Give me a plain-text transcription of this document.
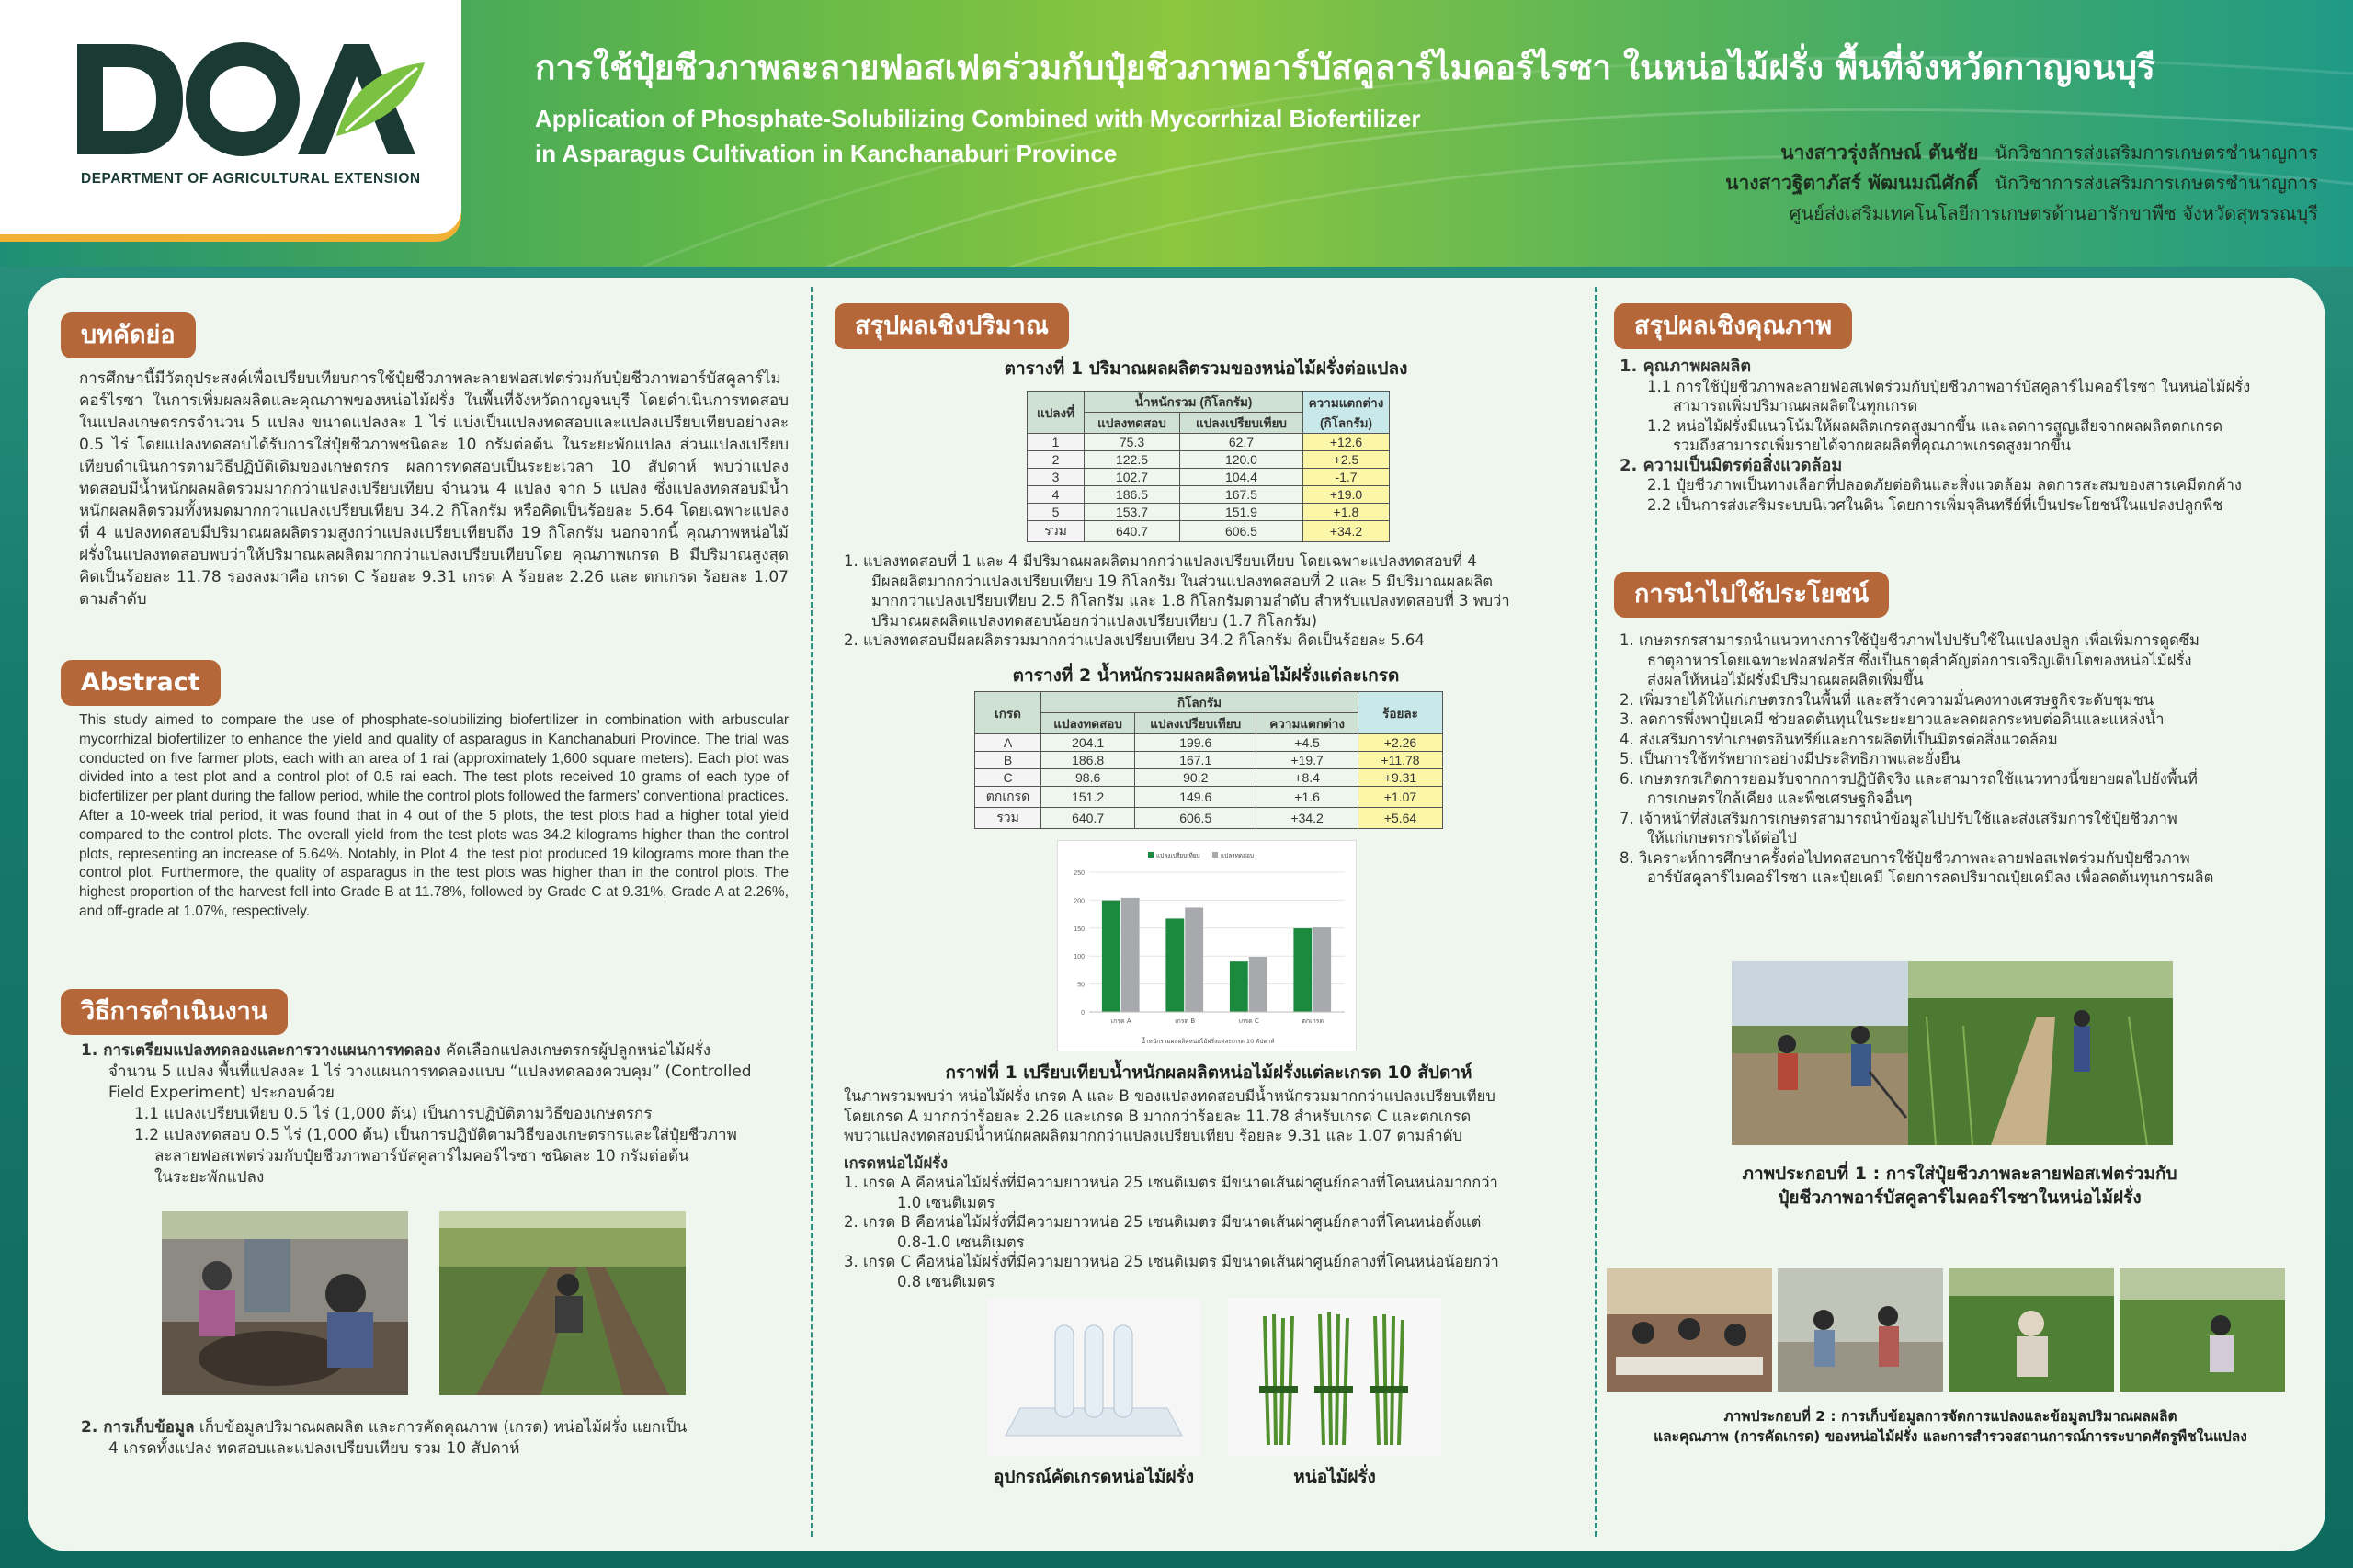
DEPARTMENT OF AGRICULTURAL EXTENSION
การใช้ปุ๋ยชีวภาพละลายฟอสเฟตร่วมกับปุ๋ยชีวภาพอาร์บัสคูลาร์ไมคอร์ไรซา ในหน่อไม้ฝรั่ง พื้นที่จังหวัดกาญจนบุรี
Application of Phosphate-Solubilizing Combined with Mycorrhizal Biofertilizer
in Asparagus Cultivation in Kanchanaburi Province	นางสาวรุ่งลักษณ์ ตันชัย นักวิชาการส่งเสริมการเกษตรชำนาญการ
นางสาวฐิตาภัสร์ พัฒนมณีศักดิ์ นักวิชาการส่งเสริมการเกษตรชำนาญการ
ศูนย์ส่งเสริมเทคโนโลยีการเกษตรด้านอารักขาพืช จังหวัดสุพรรณบุรี
บทคัดย่อ
การศึกษานี้มีวัตถุประสงค์เพื่อเปรียบเทียบการใช้ปุ๋ยชีวภาพละลายฟอสเฟตร่วมกับปุ๋ยชีวภาพอาร์บัสคูลาร์ไมคอร์ไรซา ในการเพิ่มผลผลิตและคุณภาพของหน่อไม้ฝรั่ง ในพื้นที่จังหวัดกาญจนบุรี โดยดำเนินการทดสอบในแปลงเกษตรกรจำนวน 5 แปลง ขนาดแปลงละ 1 ไร่ แบ่งเป็นแปลงทดสอบและแปลงเปรียบเทียบอย่างละ 0.5 ไร่ โดยแปลงทดสอบได้รับการใส่ปุ๋ยชีวภาพชนิดละ 10 กรัมต่อต้น ในระยะพักแปลง ส่วนแปลงเปรียบเทียบดำเนินการตามวิธีปฏิบัติเดิมของเกษตรกร ผลการทดสอบเป็นระยะเวลา 10 สัปดาห์ พบว่าแปลงทดสอบมีน้ำหนักผลผลิตรวมมากกว่าแปลงเปรียบเทียบ จำนวน 4 แปลง จาก 5 แปลง ซึ่งแปลงทดสอบมีน้ำหนักผลผลิตรวมทั้งหมดมากกว่าแปลงเปรียบเทียบ 34.2 กิโลกรัม หรือคิดเป็นร้อยละ 5.64 โดยเฉพาะแปลงที่ 4 แปลงทดสอบมีปริมาณผลผลิตรวมสูงกว่าแปลงเปรียบเทียบถึง 19 กิโลกรัม นอกจากนี้ คุณภาพหน่อไม้ฝรั่งในแปลงทดสอบพบว่าให้ปริมาณผลผลิตมากกว่าแปลงเปรียบเทียบโดย คุณภาพเกรด B มีปริมาณสูงสุด คิดเป็นร้อยละ 11.78 รองลงมาคือ เกรด C ร้อยละ 9.31 เกรด A ร้อยละ 2.26 และ ตกเกรด ร้อยละ 1.07 ตามลำดับ
Abstract
This study aimed to compare the use of phosphate-solubilizing biofertilizer in combination with arbuscular mycorrhizal biofertilizer to enhance the yield and quality of asparagus in Kanchanaburi Province. The trial was conducted on five farmer plots, each with an area of 1 rai (approximately 1,600 square meters). Each plot was divided into a test plot and a control plot of 0.5 rai each. The test plots received 10 grams of each type of biofertilizer per plant during the fallow period, while the control plots followed the farmers' conventional practices. After a 10-week trial period, it was found that in 4 out of the 5 plots, the test plots had a higher total yield compared to the control plots. The overall yield from the test plots was 34.2 kilograms higher than the control plots, representing an increase of 5.64%. Notably, in Plot 4, the test plot produced 19 kilograms more than the control plot. Furthermore, the quality of asparagus in the test plots was higher than in the control plots. The highest proportion of the harvest fell into Grade B at 11.78%, followed by Grade C at 9.31%, Grade A at 2.26%, and off-grade at 1.07%, respectively.
วิธีการดำเนินงาน
1. การเตรียมแปลงทดลองและการวางแผนการทดลอง คัดเลือกแปลงเกษตรกรผู้ปลูกหน่อไม้ฝรั่ง
จำนวน 5 แปลง พื้นที่แปลงละ 1 ไร่ วางแผนการทดลองแบบ “แปลงทดลองควบคุม” (Controlled
Field Experiment) ประกอบด้วย
1.1 แปลงเปรียบเทียบ 0.5 ไร่ (1,000 ต้น) เป็นการปฏิบัติตามวิธีของเกษตรกร
1.2 แปลงทดสอบ 0.5 ไร่ (1,000 ต้น) เป็นการปฏิบัติตามวิธีของเกษตรกรและใส่ปุ๋ยชีวภาพ
ละลายฟอสเฟตร่วมกับปุ๋ยชีวภาพอาร์บัสคูลาร์ไมคอร์ไรซา ชนิดละ 10 กรัมต่อต้น
ในระยะพักแปลง
2. การเก็บข้อมูล เก็บข้อมูลปริมาณผลผลิต และการคัดคุณภาพ (เกรด) หน่อไม้ฝรั่ง แยกเป็น
4 เกรดทั้งแปลง ทดสอบและแปลงเปรียบเทียบ รวม 10 สัปดาห์
สรุปผลเชิงปริมาณ
ตารางที่ 1 ปริมาณผลผลิตรวมของหน่อไม้ฝรั่งต่อแปลง
แปลงที่	น้ำหนักรวม (กิโลกรัม)		ความแตกต่าง (กิโลกรัม)
	แปลงทดสอบ	แปลงเปรียบเทียบ	
1	75.3	62.7	+12.6
2	122.5	120.0	+2.5
3	102.7	104.4	-1.7
4	186.5	167.5	+19.0
5	153.7	151.9	+1.8
รวม	640.7	606.5	+34.2
1. แปลงทดสอบที่ 1 และ 4 มีปริมาณผลผลิตมากกว่าแปลงเปรียบเทียบ โดยเฉพาะแปลงทดสอบที่ 4
มีผลผลิตมากกว่าแปลงเปรียบเทียบ 19 กิโลกรัม ในส่วนแปลงทดสอบที่ 2 และ 5 มีปริมาณผลผลิต
มากกว่าแปลงเปรียบเทียบ 2.5 กิโลกรัม และ 1.8 กิโลกรัมตามลำดับ สำหรับแปลงทดสอบที่ 3 พบว่า
ปริมาณผลผลิตแปลงทดสอบน้อยกว่าแปลงเปรียบเทียบ (1.7 กิโลกรัม)
2. แปลงทดสอบมีผลผลิตรวมมากกว่าแปลงเปรียบเทียบ 34.2 กิโลกรัม คิดเป็นร้อยละ 5.64
ตารางที่ 2 น้ำหนักรวมผลผลิตหน่อไม้ฝรั่งแต่ละเกรด
เกรด	กิโลกรัม			ร้อยละ
	แปลงทดสอบ	แปลงเปรียบเทียบ	ความแตกต่าง	
A	204.1	199.6	+4.5	+2.26
B	186.8	167.1	+19.7	+11.78
C	98.6	90.2	+8.4	+9.31
ตกเกรด	151.2	149.6	+1.6	+1.07
รวม	640.7	606.5	+34.2	+5.64
0
50
100
150
200
250
เกรด A	เกรด B	เกรด C	ตกเกรด
แปลงเปรียบเทียบ	แปลงทดสอบ
น้ำหนักรวมผลผลิตหน่อไม้ฝรั่งแต่ละเกรด 10 สัปดาห์
กราฟที่ 1 เปรียบเทียบน้ำหนักผลผลิตหน่อไม้ฝรั่งแต่ละเกรด 10 สัปดาห์
ในภาพรวมพบว่า หน่อไม้ฝรั่ง เกรด A และ B ของแปลงทดสอบมีน้ำหนักรวมมากกว่าแปลงเปรียบเทียบ
โดยเกรด A มากกว่าร้อยละ 2.26 และเกรด B มากกว่าร้อยละ 11.78 สำหรับเกรด C และตกเกรด
พบว่าแปลงทดสอบมีน้ำหนักผลผลิตมากกว่าแปลงเปรียบเทียบ ร้อยละ 9.31 และ 1.07 ตามลำดับ
เกรดหน่อไม้ฝรั่ง
1. เกรด A คือหน่อไม้ฝรั่งที่มีความยาวหน่อ 25 เซนติเมตร มีขนาดเส้นผ่าศูนย์กลางที่โคนหน่อมากกว่า
1.0 เซนติเมตร
2. เกรด B คือหน่อไม้ฝรั่งที่มีความยาวหน่อ 25 เซนติเมตร มีขนาดเส้นผ่าศูนย์กลางที่โคนหน่อตั้งแต่
0.8-1.0 เซนติเมตร
3. เกรด C คือหน่อไม้ฝรั่งที่มีความยาวหน่อ 25 เซนติเมตร มีขนาดเส้นผ่าศูนย์กลางที่โคนหน่อน้อยกว่า
0.8 เซนติเมตร
อุปกรณ์คัดเกรดหน่อไม้ฝรั่ง	หน่อไม้ฝรั่ง
สรุปผลเชิงคุณภาพ
1. คุณภาพผลผลิต
1.1 การใช้ปุ๋ยชีวภาพละลายฟอสเฟตร่วมกับปุ๋ยชีวภาพอาร์บัสคูลาร์ไมคอร์ไรซา ในหน่อไม้ฝรั่ง
สามารถเพิ่มปริมาณผลผลิตในทุกเกรด
1.2 หน่อไม้ฝรั่งมีแนวโน้มให้ผลผลิตเกรดสูงมากขึ้น และลดการสูญเสียจากผลผลิตตกเกรด
รวมถึงสามารถเพิ่มรายได้จากผลผลิตที่คุณภาพเกรดสูงมากขึ้น
2. ความเป็นมิตรต่อสิ่งแวดล้อม
2.1 ปุ๋ยชีวภาพเป็นทางเลือกที่ปลอดภัยต่อดินและสิ่งแวดล้อม ลดการสะสมของสารเคมีตกค้าง
2.2 เป็นการส่งเสริมระบบนิเวศในดิน โดยการเพิ่มจุลินทรีย์ที่เป็นประโยชน์ในแปลงปลูกพืช
การนำไปใช้ประโยชน์
1. เกษตรกรสามารถนำแนวทางการใช้ปุ๋ยชีวภาพไปปรับใช้ในแปลงปลูก เพื่อเพิ่มการดูดซึม
ธาตุอาหารโดยเฉพาะฟอสฟอรัส ซึ่งเป็นธาตุสำคัญต่อการเจริญเติบโตของหน่อไม้ฝรั่ง
ส่งผลให้หน่อไม้ฝรั่งมีปริมาณผลผลิตเพิ่มขึ้น
2. เพิ่มรายได้ให้แก่เกษตรกรในพื้นที่ และสร้างความมั่นคงทางเศรษฐกิจระดับชุมชน
3. ลดการพึ่งพาปุ๋ยเคมี ช่วยลดต้นทุนในระยะยาวและลดผลกระทบต่อดินและแหล่งน้ำ
4. ส่งเสริมการทำเกษตรอินทรีย์และการผลิตที่เป็นมิตรต่อสิ่งแวดล้อม
5. เป็นการใช้ทรัพยากรอย่างมีประสิทธิภาพและยั่งยืน
6. เกษตรกรเกิดการยอมรับจากการปฏิบัติจริง และสามารถใช้แนวทางนี้ขยายผลไปยังพื้นที่
การเกษตรใกล้เคียง และพืชเศรษฐกิจอื่นๆ
7. เจ้าหน้าที่ส่งเสริมการเกษตรสามารถนำข้อมูลไปปรับใช้และส่งเสริมการใช้ปุ๋ยชีวภาพ
ให้แก่เกษตรกรได้ต่อไป
8. วิเคราะห์การศึกษาครั้งต่อไปทดสอบการใช้ปุ๋ยชีวภาพละลายฟอสเฟตร่วมกับปุ๋ยชีวภาพ
อาร์บัสคูลาร์ไมคอร์ไรซา และปุ๋ยเคมี โดยการลดปริมาณปุ๋ยเคมีลง เพื่อลดต้นทุนการผลิต
ภาพประกอบที่ 1 : การใส่ปุ๋ยชีวภาพละลายฟอสเฟตร่วมกับ
ปุ๋ยชีวภาพอาร์บัสคูลาร์ไมคอร์ไรซาในหน่อไม้ฝรั่ง
ภาพประกอบที่ 2 : การเก็บข้อมูลการจัดการแปลงและข้อมูลปริมาณผลผลิต
และคุณภาพ (การคัดเกรด) ของหน่อไม้ฝรั่ง และการสำรวจสถานการณ์การระบาดศัตรูพืชในแปลง
